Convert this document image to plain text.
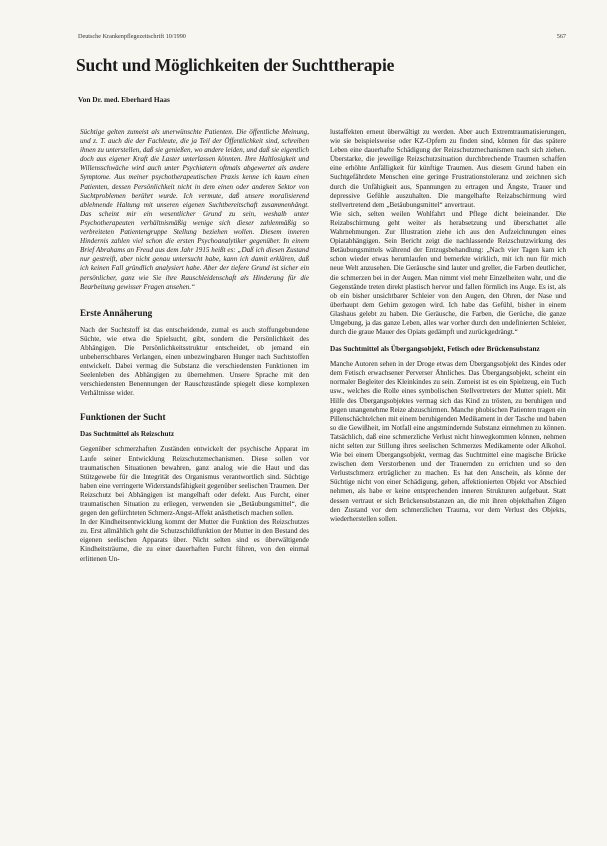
Deutsche Krankenpflegezeitschrift 10/1990	567
Sucht und Möglichkeiten der Suchttherapie

Von Dr. med. Eberhard Haas

Süchtige gelten zumeist als unerwünschte Patienten. Die öffentliche Meinung, und z. T. auch die der Fachleute, die ja Teil der Öffentlichkeit sind, schreiben ihnen zu unterstellen, daß sie genießen, wo andere leiden, und daß sie eigentlich doch aus eigener Kraft die Laster unterlassen könnten. Ihre Haltlosigkeit und Willensschwäche wird auch unter Psychiatern oftmals abgewertet als andere Symptome. Aus meiner psychotherapeutischen Praxis kenne ich kaum einen Patienten, dessen Persönlichkeit nicht in dem einen oder anderen Sektor von Suchtproblemen berührt wurde. Ich vermute, daß unsere moralisierend ablehnende Haltung mit unseren eigenen Suchtbereitschaft zusammenhängt. Das scheint mir ein wesentlicher Grund zu sein, weshalb unter Psychotherapeuten verhältnismäßig wenige sich dieser zahlenmäßig so verbreiteten Patientengruppe Stellung beziehen wollen. Diesem inneren Hindernis zahlen viel schon die ersten Psychoanalytiker gegenüber. In einem Brief Abrahams an Freud aus dem Jahr 1915 heißt es: „Daß ich diesen Zustand nur gestreift, aber nicht genau untersucht habe, kann ich damit erklären, daß ich keinen Fall gründlich analysiert habe. Aber der tiefere Grund ist sicher ein persönlicher, ganz wie Sie ihre Rauschleidenschaft als Hinderung für die Bearbeitung gewisser Fragen ansehen.“

Erste Annäherung

Nach der Suchtstoff ist das entscheidende, zumal es auch stoffungebundene Süchte, wie etwa die Spielsucht, gibt, sondern die Persönlichkeit des Abhängigen. Die Persönlichkeitsstruktur entscheidet, ob jemand ein unbeherrschbares Verlangen, einen unbezwingbaren Hunger nach Suchtstoffen entwickelt. Dabei vermag die Substanz die verschiedensten Funktionen im Seelenleben des Abhängigen zu übernehmen. Unsere Sprache mit den verschiedensten Benennungen der Rauschzustände spiegelt diese komplexen Verhältnisse wider.

Funktionen der Sucht
Das Suchtmittel als Reizschutz

Gegenüber schmerzhaften Zuständen entwickelt der psychische Apparat im Laufe seiner Entwicklung Reizschutzmechanismen. Diese sollen vor traumatischen Situationen bewahren, ganz analog wie die Haut und das Stützgewebe für die Integrität des Organismus verantwortlich sind. Süchtige haben eine verringerte Widerstandsfähigkeit gegenüber seelischen Traumen. Der Reizschutz bei Abhängigen ist mangelhaft oder defekt. Aus Furcht, einer traumatischen Situation zu erliegen, verwenden sie „Betäubungsmittel“, die gegen den gefürchteten Schmerz-Angst-Affekt anästhetisch machen sollen.

In der Kindheitsentwicklung kommt der Mutter die Funktion des Reizschutzes zu. Erst allmählich geht die Schutzschildfunktion der Mutter in den Bestand des eigenen seelischen Apparats über. Nicht selten sind es überwältigende Kindheitsträume, die zu einer dauerhaften Furcht führen, von den einmal erlittenen Un-

lustaffekten erneut überwältigt zu werden. Aber auch Extremtraumatisierungen, wie sie beispielsweise oder KZ-Opfern zu finden sind, können für das spätere Leben eine dauerhafte Schädigung der Reizschutzmechanismen nach sich ziehen. Überstarke, die jeweilige Reizschutzsituation durchbrechende Traumen schaffen eine erhöhte Anfälligkeit für künftige Traumen. Aus diesem Grund haben ein Suchtgefährdete Menschen eine geringe Frustrationstoleranz und zeichnen sich durch die Unfähigkeit aus, Spannungen zu ertragen und Ängste, Trauer und depressive Gefühle auszuhalten. Die mangelhafte Reizabschirmung wird stellvertretend dem „Betäubungsmittel“ anvertraut.

Wie sich, selten weilen Wohlfahrt und Pflege dicht beieinander. Die Reizabschirmung geht weiter als herabsetzung und überschattet alle Wahrnehmungen. Zur Illustration ziehe ich aus den Aufzeichnungen eines Opiatabhängigen. Sein Bericht zeigt die nachlassende Reizschutzwirkung des Betäubungsmittels während der Entzugsbehandlung: „Nach vier Tagen kam ich schon wieder etwas herumlaufen und bemerkte wirklich, mit ich nun für mich neue Welt anzusehen. Die Geräusche sind lauter und greller, die Farben deutlicher, die schmerzen bei in der Augen. Man nimmt viel mehr Einzelheiten wahr, und die Gegenstände treten direkt plastisch hervor und fallen förmlich ins Auge. Es ist, als ob ein bisher unsichtbarer Schleier von den Augen, den Ohren, der Nase und überhaupt dem Gehirn gezogen wird. Ich habe das Gefühl, bisher in einem Glashaus gelebt zu haben. Die Geräusche, die Farben, die Gerüche, die ganze Umgebung, ja das ganze Leben, alles war vorher durch den undefinierten Schleier, durch die graue Mauer des Opiats gedämpft und zurückgedrängt.“

Das Suchtmittel als Übergangsobjekt, Fetisch oder Brückensubstanz

Manche Autoren sehen in der Droge etwas dem Übergangsobjekt des Kindes oder dem Fetisch erwachsener Perverser Ähnliches. Das Übergangsobjekt, scheint ein normaler Begleiter des Kleinkindes zu sein. Zumeist ist es ein Spielzeug, ein Tuch usw., welches die Rolle eines symbolischen Stellvertreters der Mutter spielt. Mit Hilfe des Übergangsobjektes vermag sich das Kind zu trösten, zu beruhigen und gegen unangenehme Reize abzuschirmen. Manche phobischen Patienten tragen ein Pillenschächtelchen mit einem beruhigenden Medikament in der Tasche und haben so die Gewißheit, im Notfall eine angstmindernde Substanz einnehmen zu können. Tatsächlich, daß eine schmerzliche Verlust nicht hinwegkommen können, nehmen nicht selten zur Stillung ihres seelischen Schmerzes Medikamente oder Alkohol. Wie bei einem Übergangsobjekt, vermag das Suchtmittel eine magische Brücke zwischen dem Verstorbenen und der Trauernden zu errichten und so den Verlustschmerz erträglicher zu machen. Es hat den Anschein, als könne der Süchtige nicht von einer Schädigung, gehen, affektionierten Objekt vor Abschied nehmen, als habe er keine entsprechenden inneren Strukturen aufgebaut. Statt dessen vertraut er sich Brückensubstanzen an, die mit ihren objekthaften Zügen den Zustand vor dem schmerzlichen Trauma, vor dem Verlust des Objekts, wiederherstellen sollen.
